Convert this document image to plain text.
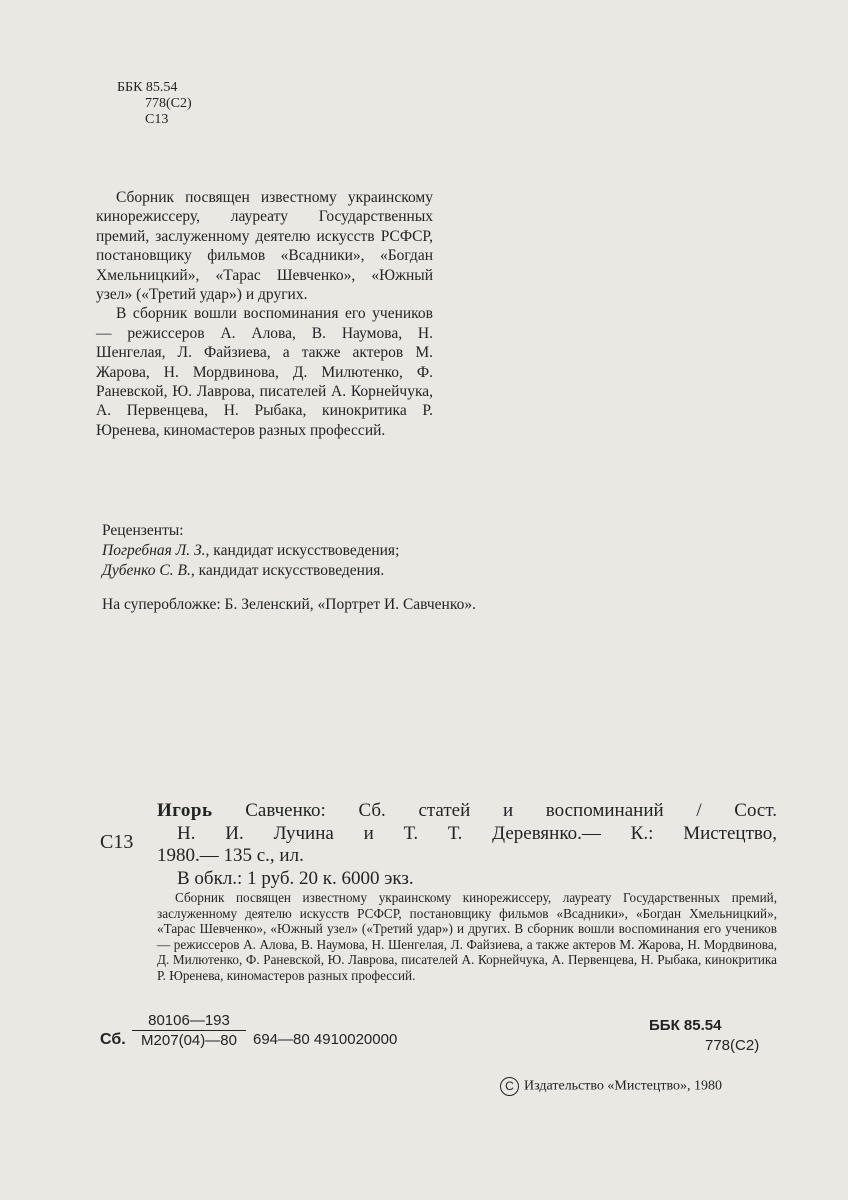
ББК 85.54
778(С2)
С13

Сборник посвящен известному украинскому кинорежиссеру, лауреату Государственных премий, заслуженному деятелю искусств РСФСР, постановщику фильмов «Всадники», «Богдан Хмельницкий», «Тарас Шевченко», «Южный узел» («Третий удар») и других.

В сборник вошли воспоминания его учеников — режиссеров А. Алова, В. Наумова, Н. Шенгелая, Л. Файзиева, а также актеров М. Жарова, Н. Мордвинова, Д. Милютенко, Ф. Раневской, Ю. Лаврова, писателей А. Корнейчука, А. Первенцева, Н. Рыбака, кинокритика Р. Юренева, киномастеров разных профессий.

Рецензенты:
Погребная Л. З., кандидат искусствоведения;
Дубенко С. В., кандидат искусствоведения.
На суперобложке: Б. Зеленский, «Портрет И. Савченко».
С13
Игорь Савченко: Сб. статей и воспоминаний / Сост.
Н. И. Лучина и Т. Т. Деревянко.— К.: Мистецтво,
1980.— 135 с., ил.
В обкл.: 1 руб. 20 к. 6000 экз.
Сборник посвящен известному украинскому кинорежиссеру, лауреату Государственных премий, заслуженному деятелю искусств РСФСР, постановщику фильмов «Всадники», «Богдан Хмельницкий», «Тарас Шевченко», «Южный узел» («Третий удар») и других. В сборник вошли воспоминания его учеников — режиссеров А. Алова, В. Наумова, Н. Шенгелая, Л. Файзиева, а также актеров М. Жарова, Н. Мордвинова, Д. Милютенко, Ф. Раневской, Ю. Лаврова, писателей А. Корнейчука, А. Первенцева, Н. Рыбака, кинокритика Р. Юренева, киномастеров разных профессий.
Сб.
80106—193
М207(04)—80	694—80 4910020000
ББК 85.54
778(С2)
C Издательство «Мистецтво», 1980
